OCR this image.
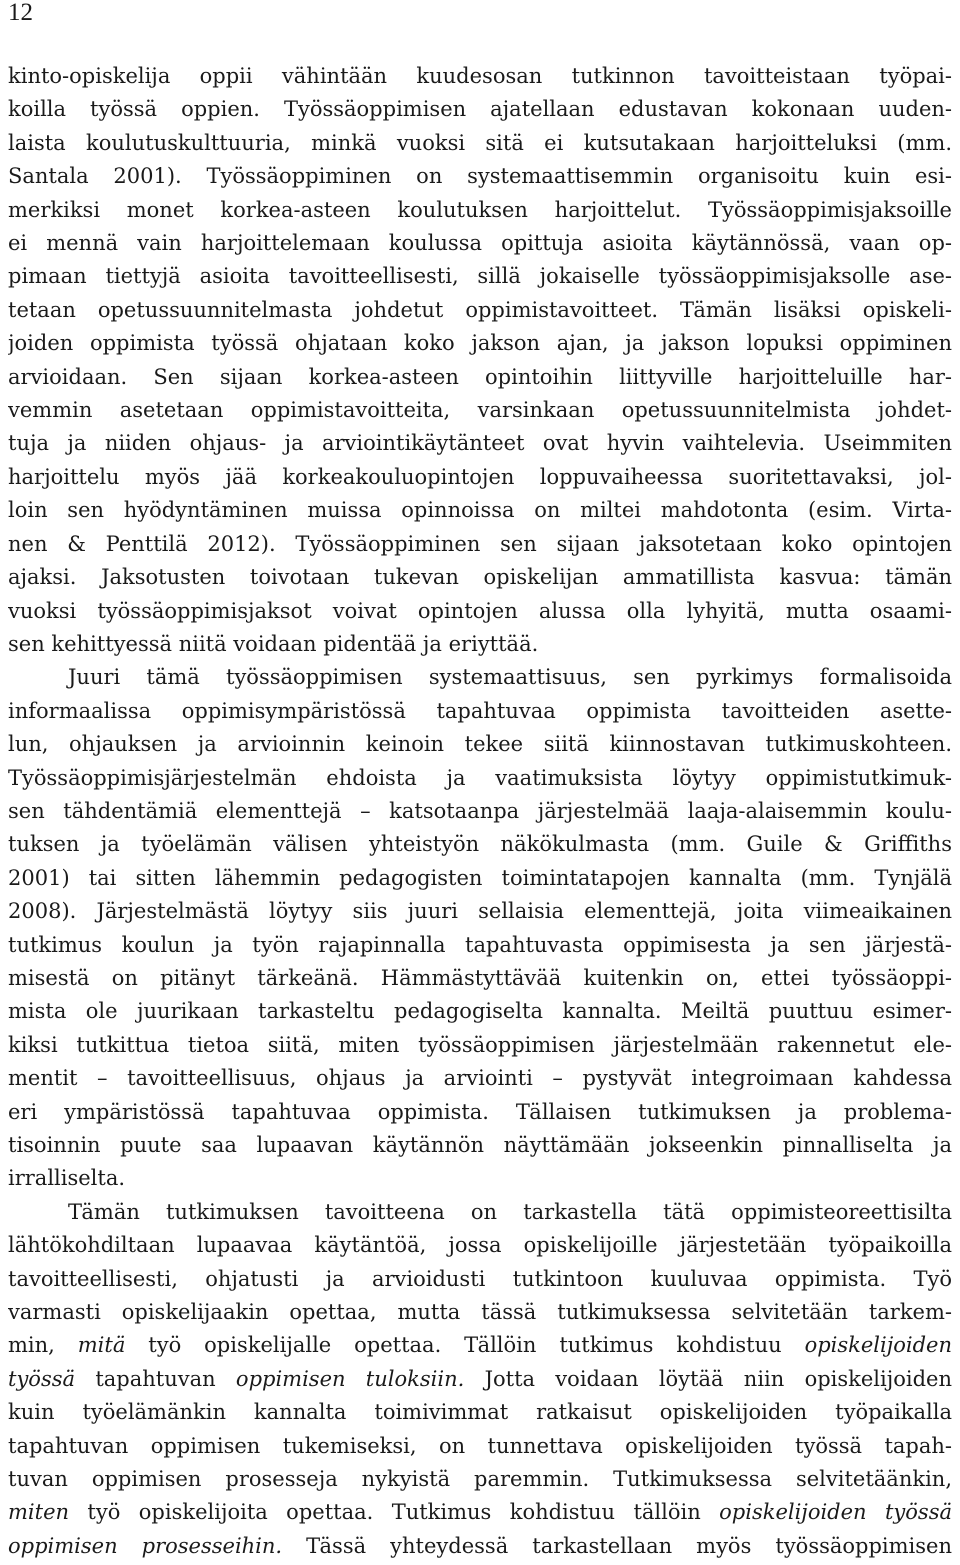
12
kinto-opiskelija oppii vähintään kuudesosan tutkinnon tavoitteistaan työpai-
koilla työssä oppien. Työssäoppimisen ajatellaan edustavan kokonaan uuden-
laista koulutuskulttuuria, minkä vuoksi sitä ei kutsutakaan harjoitteluksi (mm.
Santala 2001). Työssäoppiminen on systemaattisemmin organisoitu kuin esi-
merkiksi monet korkea-asteen koulutuksen harjoittelut. Työssäoppimisjaksoille
ei mennä vain harjoittelemaan koulussa opittuja asioita käytännössä, vaan op-
pimaan tiettyjä asioita tavoitteellisesti, sillä jokaiselle työssäoppimisjaksolle ase-
tetaan opetussuunnitelmasta johdetut oppimistavoitteet. Tämän lisäksi opiskeli-
joiden oppimista työssä ohjataan koko jakson ajan, ja jakson lopuksi oppiminen
arvioidaan. Sen sijaan korkea-asteen opintoihin liittyville harjoitteluille har-
vemmin asetetaan oppimistavoitteita, varsinkaan opetussuunnitelmista johdet-
tuja ja niiden ohjaus- ja arviointikäytänteet ovat hyvin vaihtelevia. Useimmiten
harjoittelu myös jää korkeakouluopintojen loppuvaiheessa suoritettavaksi, jol-
loin sen hyödyntäminen muissa opinnoissa on miltei mahdotonta (esim. Virta-
nen & Penttilä 2012). Työssäoppiminen sen sijaan jaksotetaan koko opintojen
ajaksi. Jaksotusten toivotaan tukevan opiskelijan ammatillista kasvua: tämän
vuoksi työssäoppimisjaksot voivat opintojen alussa olla lyhyitä, mutta osaami-
sen kehittyessä niitä voidaan pidentää ja eriyttää.
Juuri tämä työssäoppimisen systemaattisuus, sen pyrkimys formalisoida
informaalissa oppimisympäristössä tapahtuvaa oppimista tavoitteiden asette-
lun, ohjauksen ja arvioinnin keinoin tekee siitä kiinnostavan tutkimuskohteen.
Työssäoppimisjärjestelmän ehdoista ja vaatimuksista löytyy oppimistutkimuk-
sen tähdentämiä elementtejä – katsotaanpa järjestelmää laaja-alaisemmin koulu-
tuksen ja työelämän välisen yhteistyön näkökulmasta (mm. Guile & Griffiths
2001) tai sitten lähemmin pedagogisten toimintatapojen kannalta (mm. Tynjälä
2008). Järjestelmästä löytyy siis juuri sellaisia elementtejä, joita viimeaikainen
tutkimus koulun ja työn rajapinnalla tapahtuvasta oppimisesta ja sen järjestä-
misestä on pitänyt tärkeänä. Hämmästyttävää kuitenkin on, ettei työssäoppi-
mista ole juurikaan tarkasteltu pedagogiselta kannalta. Meiltä puuttuu esimer-
kiksi tutkittua tietoa siitä, miten työssäoppimisen järjestelmään rakennetut ele-
mentit – tavoitteellisuus, ohjaus ja arviointi – pystyvät integroimaan kahdessa
eri ympäristössä tapahtuvaa oppimista. Tällaisen tutkimuksen ja problema-
tisoinnin puute saa lupaavan käytännön näyttämään jokseenkin pinnalliselta ja
irralliselta.
Tämän tutkimuksen tavoitteena on tarkastella tätä oppimisteoreettisilta
lähtökohdiltaan lupaavaa käytäntöä, jossa opiskelijoille järjestetään työpaikoilla
tavoitteellisesti, ohjatusti ja arvioidusti tutkintoon kuuluvaa oppimista. Työ
varmasti opiskelijaakin opettaa, mutta tässä tutkimuksessa selvitetään tarkem-
min, mitä työ opiskelijalle opettaa. Tällöin tutkimus kohdistuu opiskelijoiden
työssä tapahtuvan oppimisen tuloksiin. Jotta voidaan löytää niin opiskelijoiden
kuin työelämänkin kannalta toimivimmat ratkaisut opiskelijoiden työpaikalla
tapahtuvan oppimisen tukemiseksi, on tunnettava opiskelijoiden työssä tapah-
tuvan oppimisen prosesseja nykyistä paremmin. Tutkimuksessa selvitetäänkin,
miten työ opiskelijoita opettaa. Tutkimus kohdistuu tällöin opiskelijoiden työssä
oppimisen prosesseihin. Tässä yhteydessä tarkastellaan myös työssäoppimisen
